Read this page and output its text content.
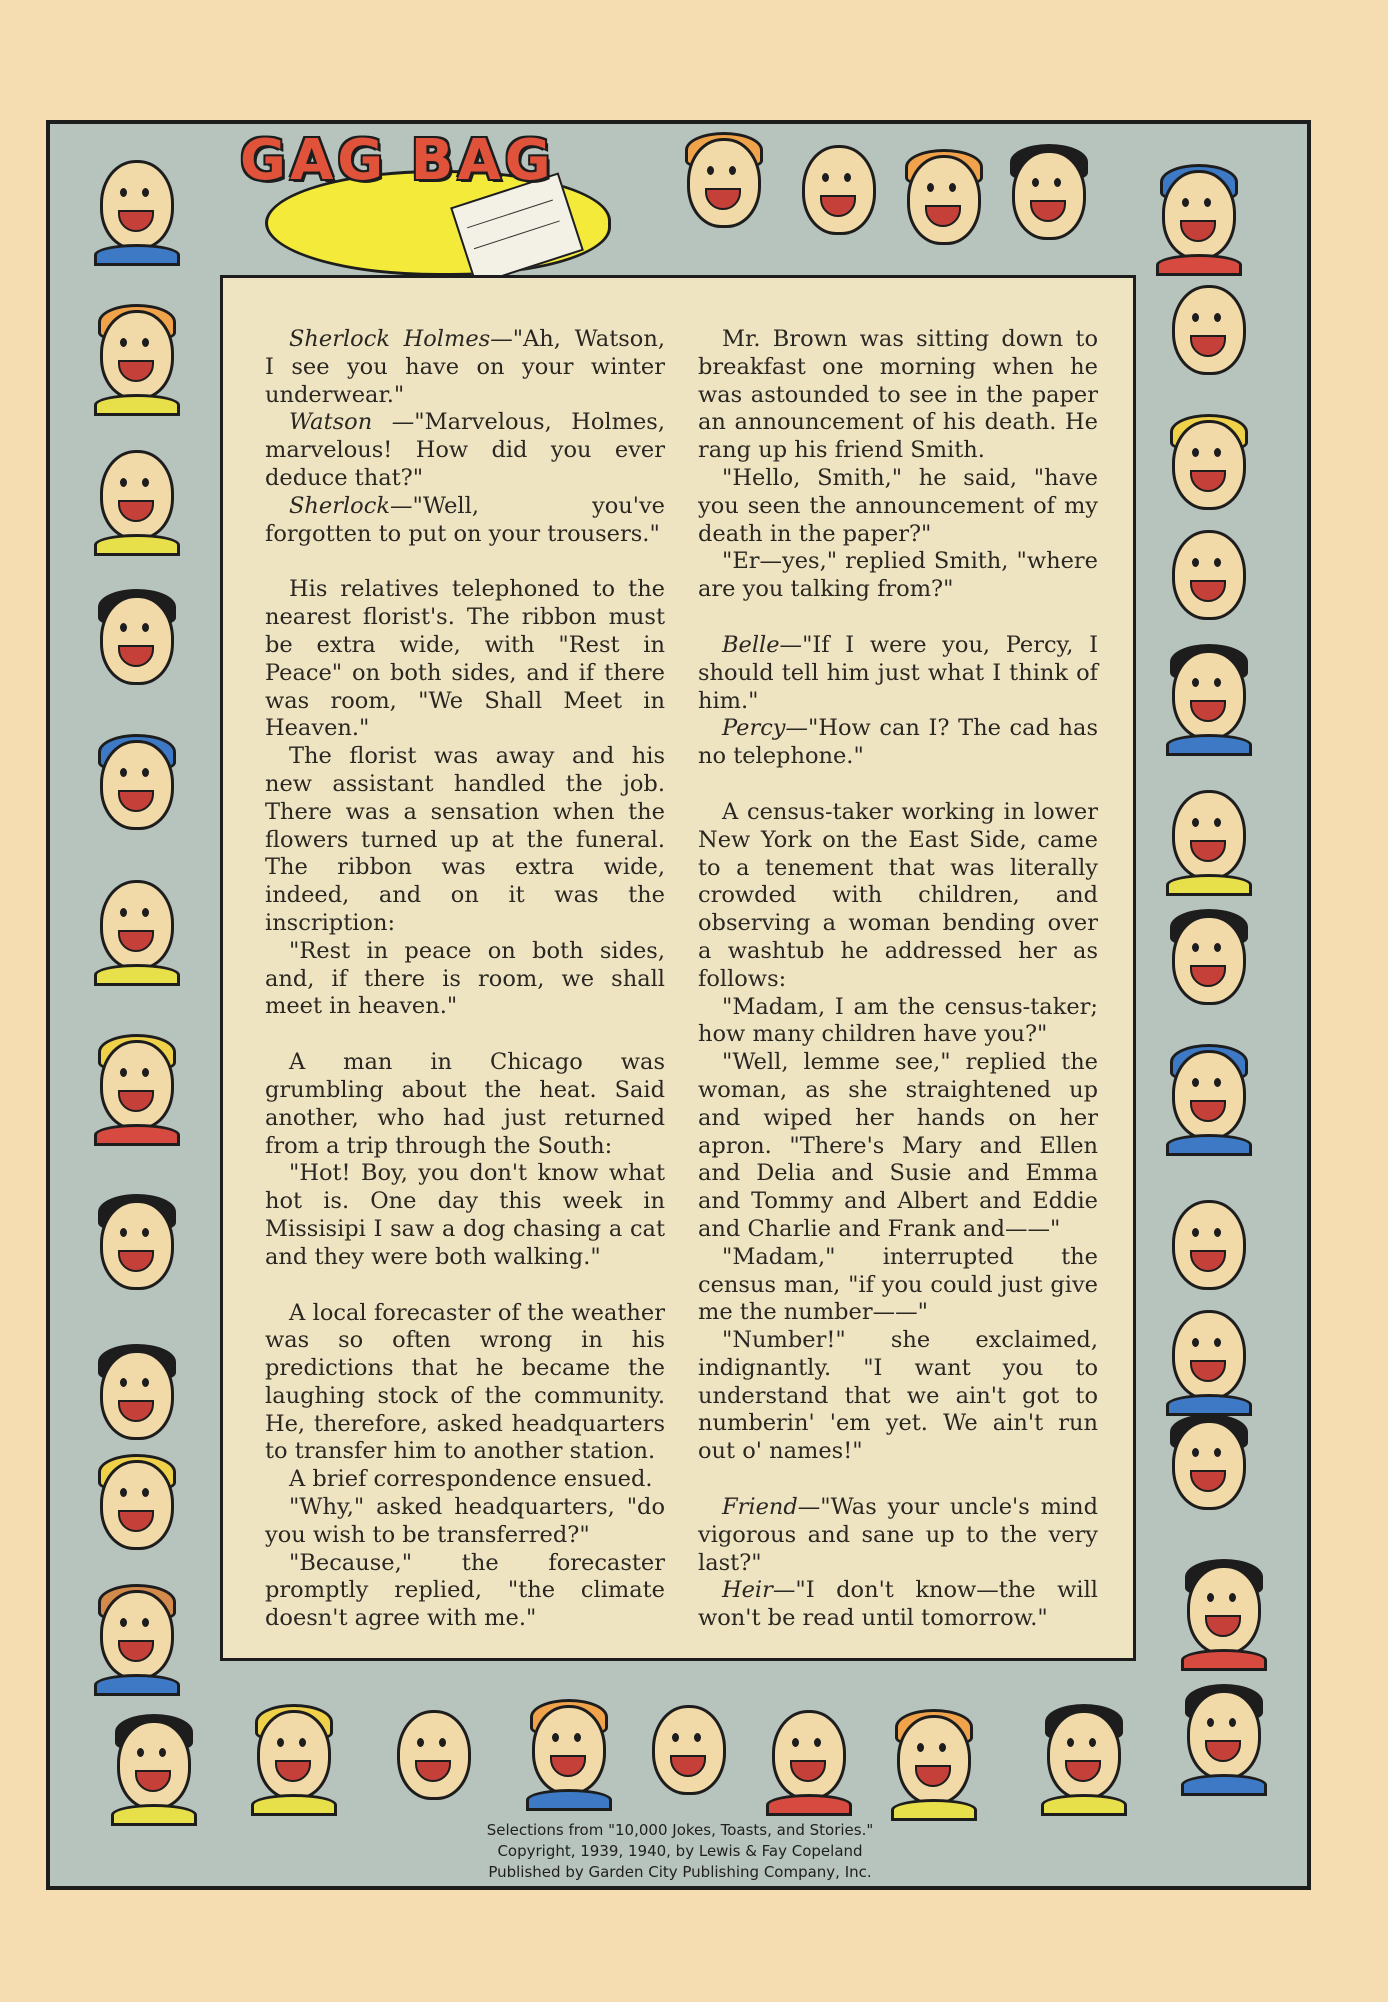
GAG BAG

Sherlock Holmes—"Ah, Watson, I see you have on your winter underwear."

Watson —"Marvelous, Holmes, marvelous! How did you ever deduce that?"

Sherlock—"Well, you've forgotten to put on your trousers."

His relatives telephoned to the nearest florist's. The ribbon must be extra wide, with "Rest in Peace" on both sides, and if there was room, "We Shall Meet in Heaven."

The florist was away and his new assistant handled the job. There was a sensation when the flowers turned up at the funeral. The ribbon was extra wide, indeed, and on it was the inscription:

"Rest in peace on both sides, and, if there is room, we shall meet in heaven."

A man in Chicago was grumbling about the heat. Said another, who had just returned from a trip through the South:

"Hot! Boy, you don't know what hot is. One day this week in Missisipi I saw a dog chasing a cat and they were both walking."

A local forecaster of the weather was so often wrong in his predictions that he became the laughing stock of the community. He, therefore, asked headquarters to transfer him to another station.

A brief correspondence ensued.

"Why," asked headquarters, "do you wish to be transferred?"

"Because," the forecaster promptly replied, "the climate doesn't agree with me."

Mr. Brown was sitting down to breakfast one morning when he was astounded to see in the paper an announcement of his death. He rang up his friend Smith.

"Hello, Smith," he said, "have you seen the announcement of my death in the paper?"

"Er—yes," replied Smith, "where are you talking from?"

Belle—"If I were you, Percy, I should tell him just what I think of him."

Percy—"How can I? The cad has no telephone."

A census-taker working in lower New York on the East Side, came to a tenement that was literally crowded with children, and observing a woman bending over a washtub he addressed her as follows:

"Madam, I am the census-taker; how many children have you?"

"Well, lemme see," replied the woman, as she straightened up and wiped her hands on her apron. "There's Mary and Ellen and Delia and Susie and Emma and Tommy and Albert and Eddie and Charlie and Frank and——"

"Madam," interrupted the census man, "if you could just give me the number——"

"Number!" she exclaimed, indignantly. "I want you to understand that we ain't got to numberin' 'em yet. We ain't run out o' names!"

Friend—"Was your uncle's mind vigorous and sane up to the very last?"

Heir—"I don't know—the will won't be read until tomorrow."

Selections from "10,000 Jokes, Toasts, and Stories."
Copyright, 1939, 1940, by Lewis & Fay Copeland
Published by Garden City Publishing Company, Inc.
